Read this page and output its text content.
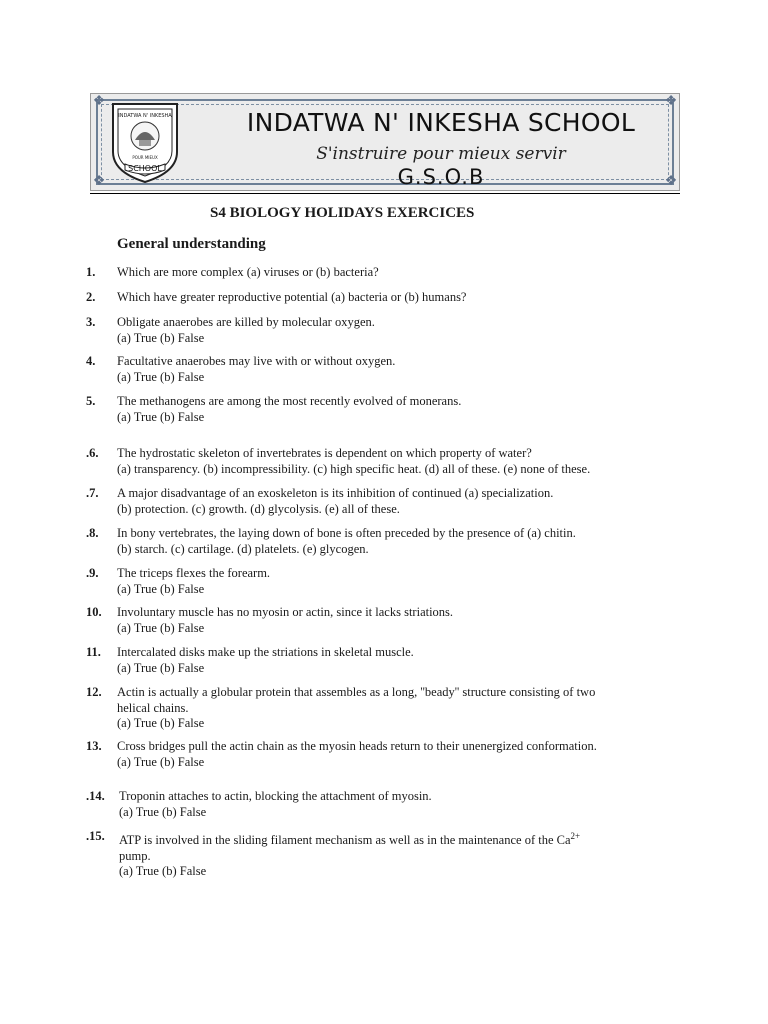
❖	❖
❖	❖
INDATWA N' INKESHA
POUR MIEUX
SCHOOL
INDATWA N' INKESHA SCHOOL
S'instruire pour mieux servir
G.S.O.B
S4 BIOLOGY HOLIDAYS EXERCICES
General understanding
1.	Which are more complex (a) viruses or (b) bacteria?
2.	Which have greater reproductive potential (a) bacteria or (b) humans?
3.	Obligate anaerobes are killed by molecular oxygen.
(a) True (b) False
4.	Facultative anaerobes may live with or without oxygen.
(a) True (b) False
5.	The methanogens are among the most recently evolved of monerans.
(a) True (b) False
.6.	The hydrostatic skeleton of invertebrates is dependent on which property of water?
(a) transparency. (b) incompressibility. (c) high specific heat. (d) all of these. (e) none of these.
.7.	A major disadvantage of an exoskeleton is its inhibition of continued (a) specialization.
(b) protection. (c) growth. (d) glycolysis. (e) all of these.
.8.	In bony vertebrates, the laying down of bone is often preceded by the presence of (a) chitin.
(b) starch. (c) cartilage. (d) platelets. (e) glycogen.
.9.	The triceps flexes the forearm.
(a) True (b) False
10.	Involuntary muscle has no myosin or actin, since it lacks striations.
(a) True (b) False
11.	Intercalated disks make up the striations in skeletal muscle.
(a) True (b) False
12.	Actin is actually a globular protein that assembles as a long, ''beady'' structure consisting of two
helical chains.
(a) True (b) False
13.	Cross bridges pull the actin chain as the myosin heads return to their unenergized conformation.
(a) True (b) False
.14.	Troponin attaches to actin, blocking the attachment of myosin.
(a) True (b) False
.15.	ATP is involved in the sliding filament mechanism as well as in the maintenance of the $Ca^{2+}$
pump.
(a) True (b) False
